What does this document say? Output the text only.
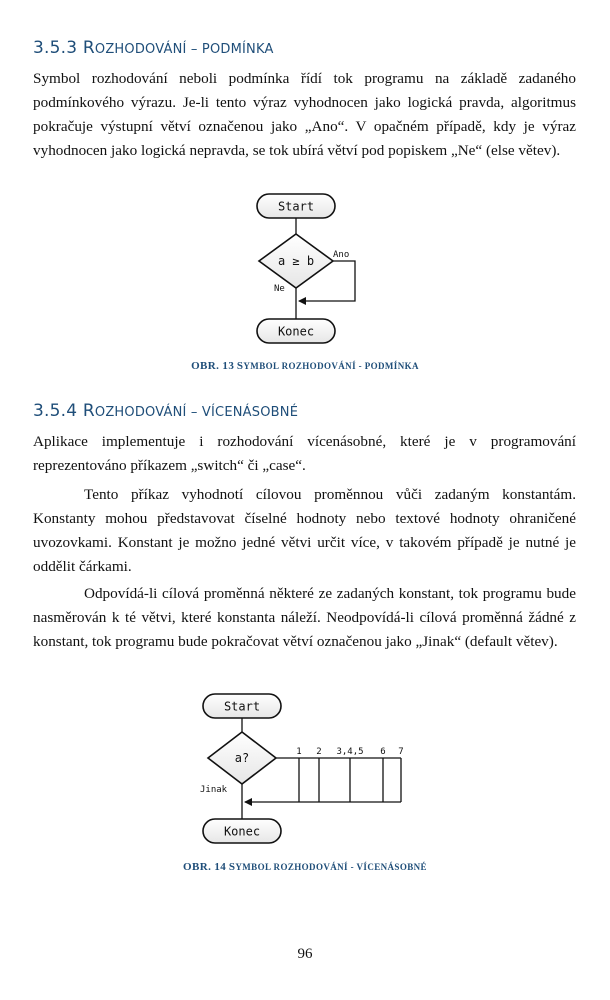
3.5.3 ROZHODOVÁNÍ – PODMÍNKA

Symbol rozhodování neboli podmínka řídí tok programu na základě zadaného podmínkového výrazu. Je-li tento výraz vyhodnocen jako logická pravda, algoritmus pokračuje výstupní větví označenou jako „Ano“. V opačném případě, kdy je výraz vyhodnocen jako logická nepravda, se tok ubírá větví pod popiskem „Ne“ (else větev).

Start
a ≥ b Ano
Ne
Konec
OBR. 13 SYMBOL ROZHODOVÁNÍ - PODMÍNKA
3.5.4 ROZHODOVÁNÍ – VÍCENÁSOBNÉ

Aplikace implementuje i rozhodování vícenásobné, které je v programování reprezentováno příkazem „switch“ či „case“.

Tento příkaz vyhodnotí cílovou proměnnou vůči zadaným konstantám. Konstanty mohou představovat číselné hodnoty nebo textové hodnoty ohraničené uvozovkami. Konstant je možno jedné větvi určit více, v takovém případě je nutné je oddělit čárkami.

Odpovídá-li cílová proměnná některé ze zadaných konstant, tok programu bude nasměrován k té větvi, které konstanta náleží. Neodpovídá-li cílová proměnná žádné z konstant, tok programu bude pokračovat větví označenou jako „Jinak“ (default větev).

Start
a?	1 2 3,4,5 6 7
Jinak
Konec
OBR. 14 SYMBOL ROZHODOVÁNÍ - VÍCENÁSOBNÉ
96
